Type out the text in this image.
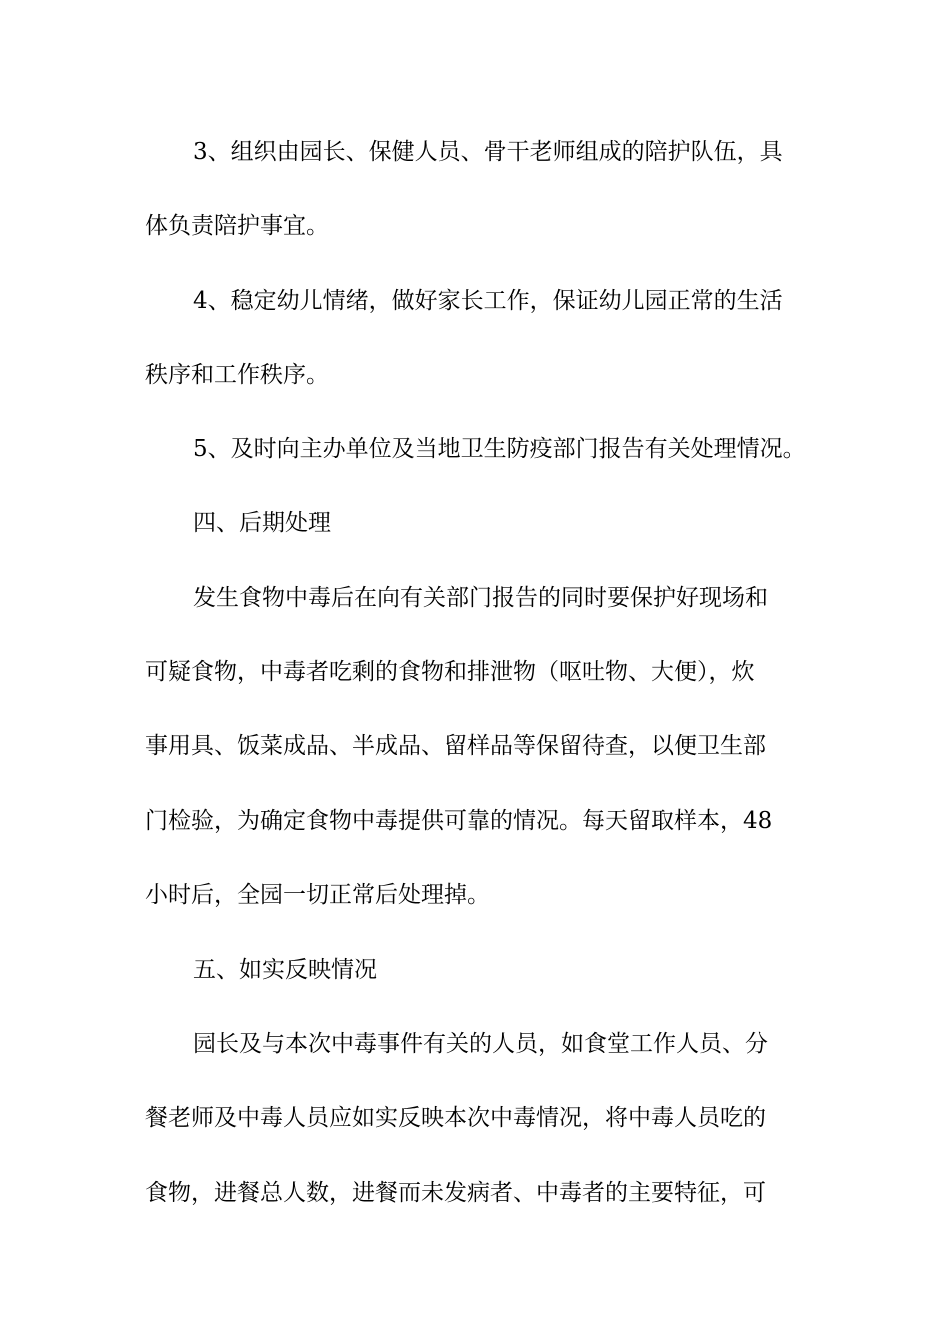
3、组织由园长、保健人员、骨干老师组成的陪护队伍，具
体负责陪护事宜。
4、稳定幼儿情绪，做好家长工作，保证幼儿园正常的生活
秩序和工作秩序。
5、及时向主办单位及当地卫生防疫部门报告有关处理情况。
四、后期处理
发生食物中毒后在向有关部门报告的同时要保护好现场和
可疑食物，中毒者吃剩的食物和排泄物（呕吐物、大便），炊
事用具、饭菜成品、半成品、留样品等保留待查，以便卫生部
门检验，为确定食物中毒提供可靠的情况。每天留取样本，48
小时后，全园一切正常后处理掉。
五、如实反映情况
园长及与本次中毒事件有关的人员，如食堂工作人员、分
餐老师及中毒人员应如实反映本次中毒情况，将中毒人员吃的
食物，进餐总人数，进餐而未发病者、中毒者的主要特征，可
